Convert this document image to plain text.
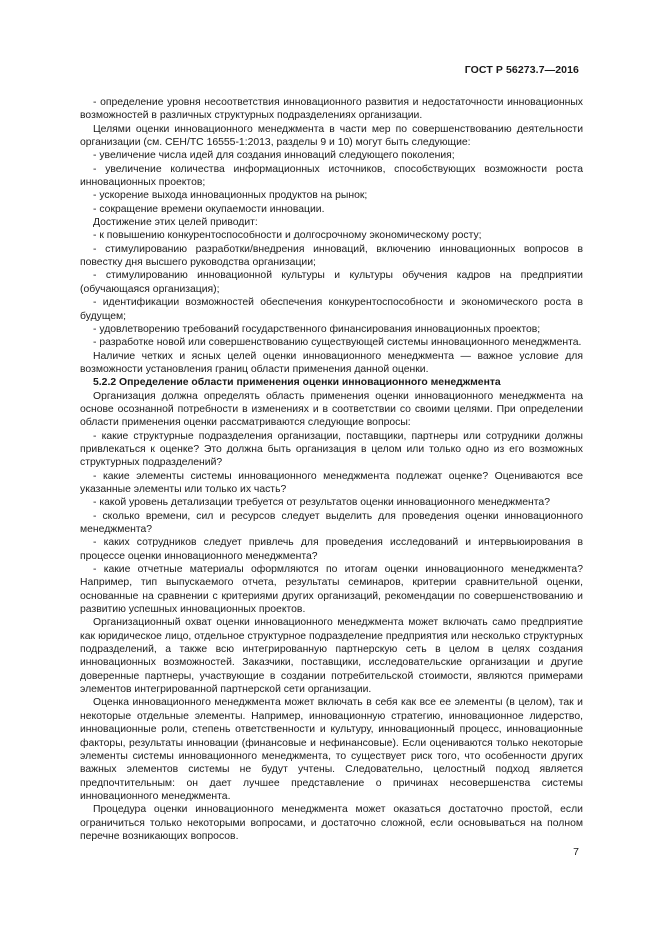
ГОСТ Р 56273.7—2016

- определение уровня несоответствия инновационного развития и недостаточности инновационных возможностей в различных структурных подразделениях организации.

Целями оценки инновационного менеджмента в части мер по совершенствованию деятельности организации (см. CEH/TC 16555-1:2013, разделы 9 и 10) могут быть следующие:

- увеличение числа идей для создания инноваций следующего поколения;

- увеличение количества информационных источников, способствующих возможности роста инновационных проектов;

- ускорение выхода инновационных продуктов на рынок;

- сокращение времени окупаемости инновации.

Достижение этих целей приводит:

- к повышению конкурентоспособности и долгосрочному экономическому росту;

- стимулированию разработки/внедрения инноваций, включению инновационных вопросов в повестку дня высшего руководства организации;

- стимулированию инновационной культуры и культуры обучения кадров на предприятии (обучающаяся организация);

- идентификации возможностей обеспечения конкурентоспособности и экономического роста в будущем;

- удовлетворению требований государственного финансирования инновационных проектов;

- разработке новой или совершенствованию существующей системы инновационного менеджмента.

Наличие четких и ясных целей оценки инновационного менеджмента — важное условие для возможности установления границ области применения данной оценки.

5.2.2 Определение области применения оценки инновационного менеджмента

Организация должна определять область применения оценки инновационного менеджмента на основе осознанной потребности в изменениях и в соответствии со своими целями. При определении области применения оценки рассматриваются следующие вопросы:

- какие структурные подразделения организации, поставщики, партнеры или сотрудники должны привлекаться к оценке? Это должна быть организация в целом или только одно из его возможных структурных подразделений?

- какие элементы системы инновационного менеджмента подлежат оценке? Оцениваются все указанные элементы или только их часть?

- какой уровень детализации требуется от результатов оценки инновационного менеджмента?

- сколько времени, сил и ресурсов следует выделить для проведения оценки инновационного менеджмента?

- каких сотрудников следует привлечь для проведения исследований и интервьюирования в процессе оценки инновационного менеджмента?

- какие отчетные материалы оформляются по итогам оценки инновационного менеджмента? Например, тип выпускаемого отчета, результаты семинаров, критерии сравнительной оценки, основанные на сравнении с критериями других организаций, рекомендации по совершенствованию и развитию успешных инновационных проектов.

Организационный охват оценки инновационного менеджмента может включать само предприятие как юридическое лицо, отдельное структурное подразделение предприятия или несколько структурных подразделений, а также всю интегрированную партнерскую сеть в целом в целях создания инновационных возможностей. Заказчики, поставщики, исследовательские организации и другие доверенные партнеры, участвующие в создании потребительской стоимости, являются примерами элементов интегрированной партнерской сети организации.

Оценка инновационного менеджмента может включать в себя как все ее элементы (в целом), так и некоторые отдельные элементы. Например, инновационную стратегию, инновационное лидерство, инновационные роли, степень ответственности и культуру, инновационный процесс, инновационные факторы, результаты инновации (финансовые и нефинансовые). Если оцениваются только некоторые элементы системы инновационного менеджмента, то существует риск того, что особенности других важных элементов системы не будут учтены. Следовательно, целостный подход является предпочтительным: он дает лучшее представление о причинах несовершенства системы инновационного менеджмента.

Процедура оценки инновационного менеджмента может оказаться достаточно простой, если ограничиться только некоторыми вопросами, и достаточно сложной, если основываться на полном перечне возникающих вопросов.

7
